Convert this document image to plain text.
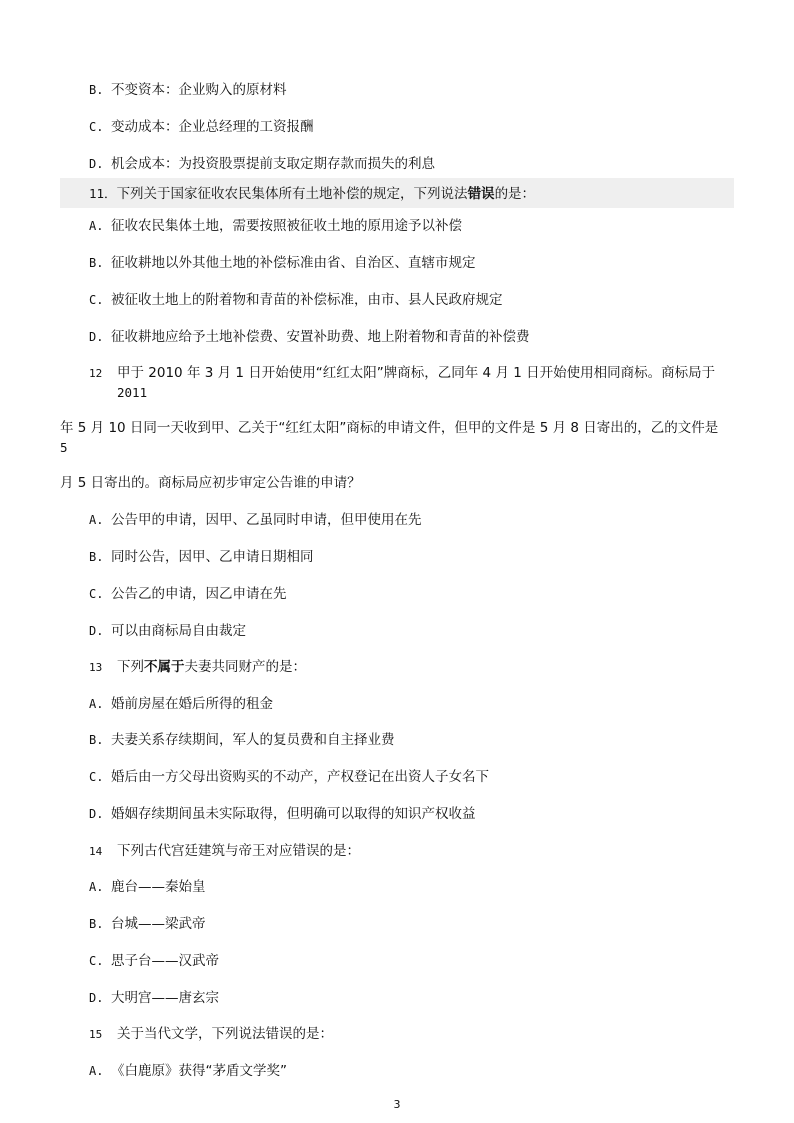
B. 不变资本：企业购入的原材料
C. 变动成本：企业总经理的工资报酬
D. 机会成本：为投资股票提前支取定期存款而损失的利息
11．下列关于国家征收农民集体所有土地补偿的规定，下列说法错误的是：
A. 征收农民集体土地，需要按照被征收土地的原用途予以补偿
B. 征收耕地以外其他土地的补偿标准由省、自治区、直辖市规定
C. 被征收土地上的附着物和青苗的补偿标准，由市、县人民政府规定
D. 征收耕地应给予土地补偿费、安置补助费、地上附着物和青苗的补偿费
12 甲于 2010 年 3 月 1 日开始使用“红红太阳”牌商标，乙同年 4 月 1 日开始使用相同商标。商标局于
2011
年 5 月 10 日同一天收到甲、乙关于“红红太阳”商标的申请文件，但甲的文件是 5 月 8 日寄出的，乙的文件是
5
月 5 日寄出的。商标局应初步审定公告谁的申请？
A. 公告甲的申请，因甲、乙虽同时申请，但甲使用在先
B. 同时公告，因甲、乙申请日期相同
C. 公告乙的申请，因乙申请在先
D. 可以由商标局自由裁定
13 下列不属于夫妻共同财产的是：
A. 婚前房屋在婚后所得的租金
B. 夫妻关系存续期间，军人的复员费和自主择业费
C. 婚后由一方父母出资购买的不动产，产权登记在出资人子女名下
D. 婚姻存续期间虽未实际取得，但明确可以取得的知识产权收益
14 下列古代宫廷建筑与帝王对应错误的是：
A. 鹿台——秦始皇
B. 台城——梁武帝
C. 思子台——汉武帝
D. 大明宫——唐玄宗
15 关于当代文学，下列说法错误的是：
A. 《白鹿原》获得“茅盾文学奖”
3
